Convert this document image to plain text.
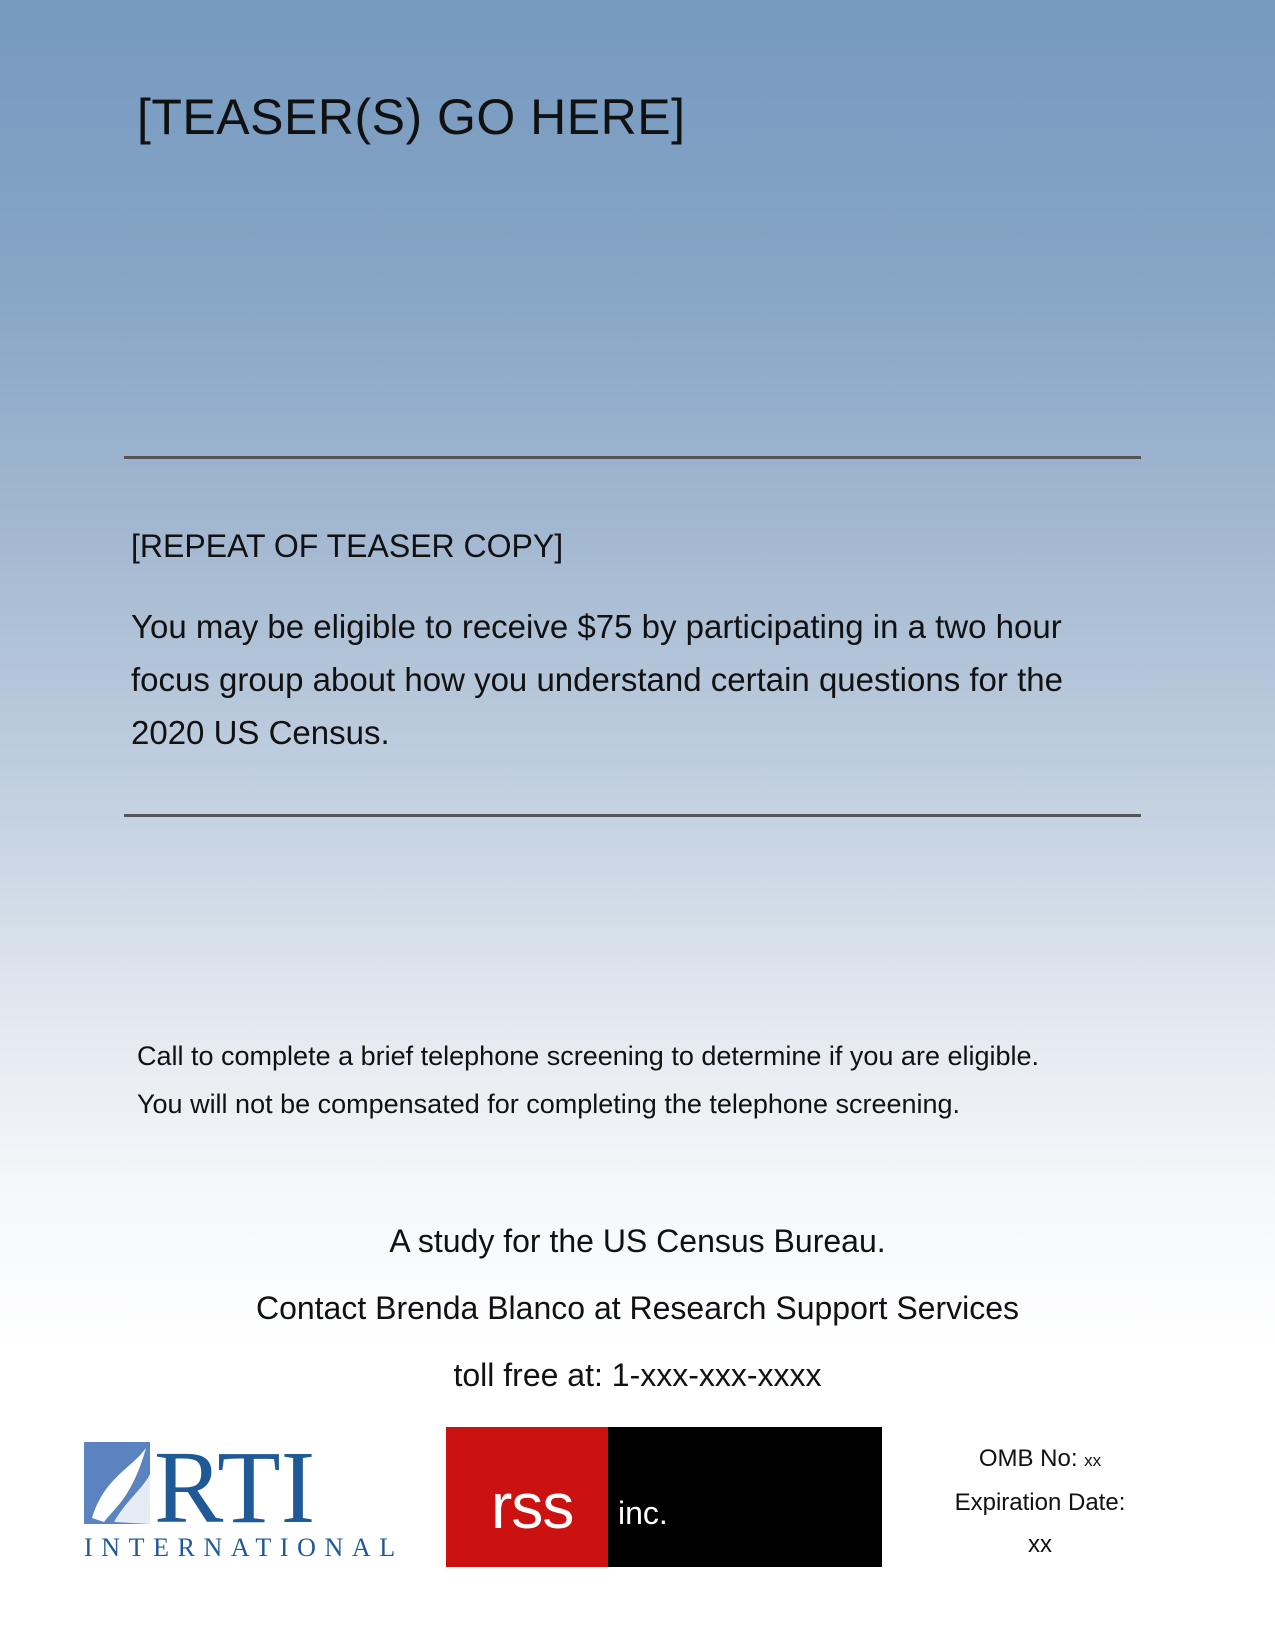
[TEASER(S) GO HERE]

[REPEAT OF TEASER COPY]

You may be eligible to receive $75 by participating in a two hour focus group about how you understand certain questions for the 2020 US Census.

Call to complete a brief telephone screening to determine if you are eligible.
You will not be compensated for completing the telephone screening.

A study for the US Census Bureau.

Contact Brenda Blanco at Research Support Services

toll free at: 1-xxx-xxx-xxxx

RTI
INTERNATIONAL
rss inc.
OMB No: xx
Expiration Date:
xx
